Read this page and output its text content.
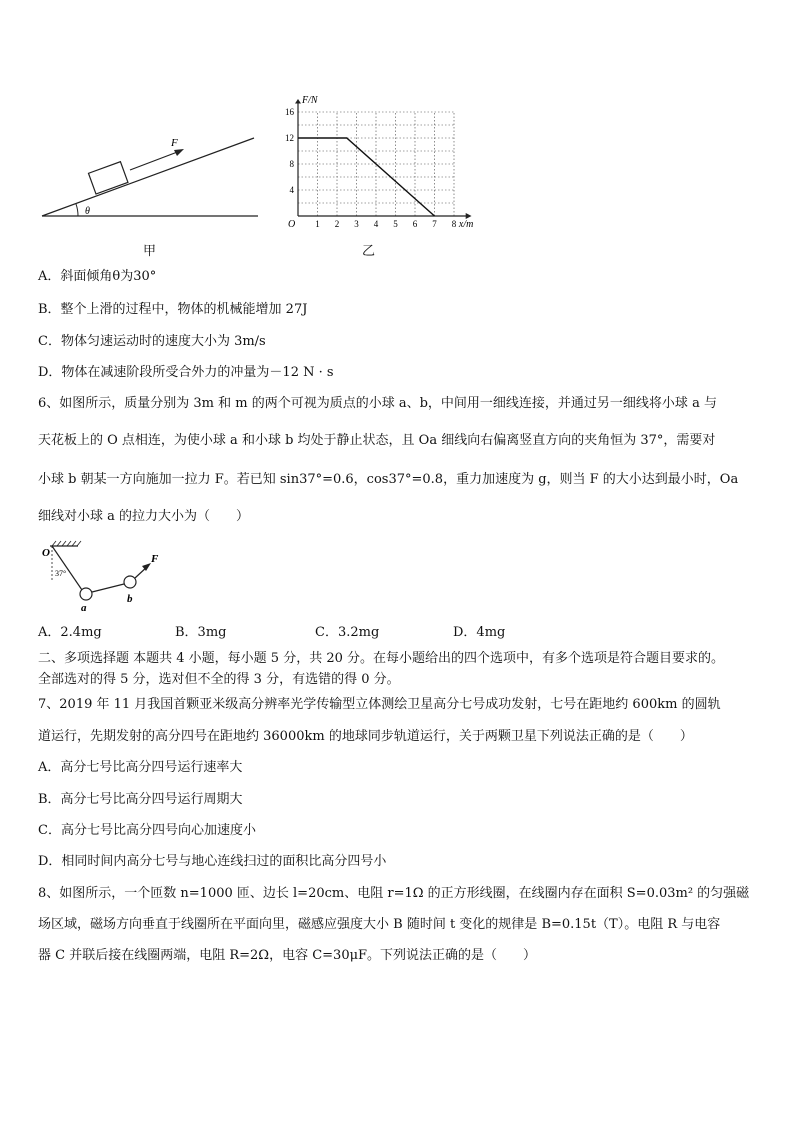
F
θ
甲
F/N
x/m
O
4
8
12
16
1 2 3 4 5 6 7 8
乙
A．斜面倾角θ为30°
B．整个上滑的过程中，物体的机械能增加 27J
C．物体匀速运动时的速度大小为 3m/s
D．物体在减速阶段所受合外力的冲量为－12 N · s
6、如图所示，质量分别为 3m 和 m 的两个可视为质点的小球 a、b，中间用一细线连接，并通过另一细线将小球 a 与
天花板上的 O 点相连，为使小球 a 和小球 b 均处于静止状态，且 Oa 细线向右偏离竖直方向的夹角恒为 37°，需要对
小球 b 朝某一方向施加一拉力 F。若已知 sin37°=0.6，cos37°=0.8，重力加速度为 g，则当 F 的大小达到最小时，Oa
细线对小球 a 的拉力大小为（　　）
O
37°
a
b
F
A．2.4mg	B．3mg	C．3.2mg	D．4mg
二、多项选择题 本题共 4 小题，每小题 5 分，共 20 分。在每小题给出的四个选项中，有多个选项是符合题目要求的。
全部选对的得 5 分，选对但不全的得 3 分，有选错的得 0 分。
7、2019 年 11 月我国首颗亚米级高分辨率光学传输型立体测绘卫星高分七号成功发射，七号在距地约 600km 的圆轨
道运行，先期发射的高分四号在距地约 36000km 的地球同步轨道运行，关于两颗卫星下列说法正确的是（　　）
A．高分七号比高分四号运行速率大
B．高分七号比高分四号运行周期大
C．高分七号比高分四号向心加速度小
D．相同时间内高分七号与地心连线扫过的面积比高分四号小
8、如图所示，一个匝数 n=1000 匝、边长 l=20cm、电阻 r=1Ω 的正方形线圈，在线圈内存在面积 S=0.03m² 的匀强磁
场区域，磁场方向垂直于线圈所在平面向里，磁感应强度大小 B 随时间 t 变化的规律是 B=0.15t（T）。电阻 R 与电容
器 C 并联后接在线圈两端，电阻 R=2Ω，电容 C=30μF。下列说法正确的是（　　）
